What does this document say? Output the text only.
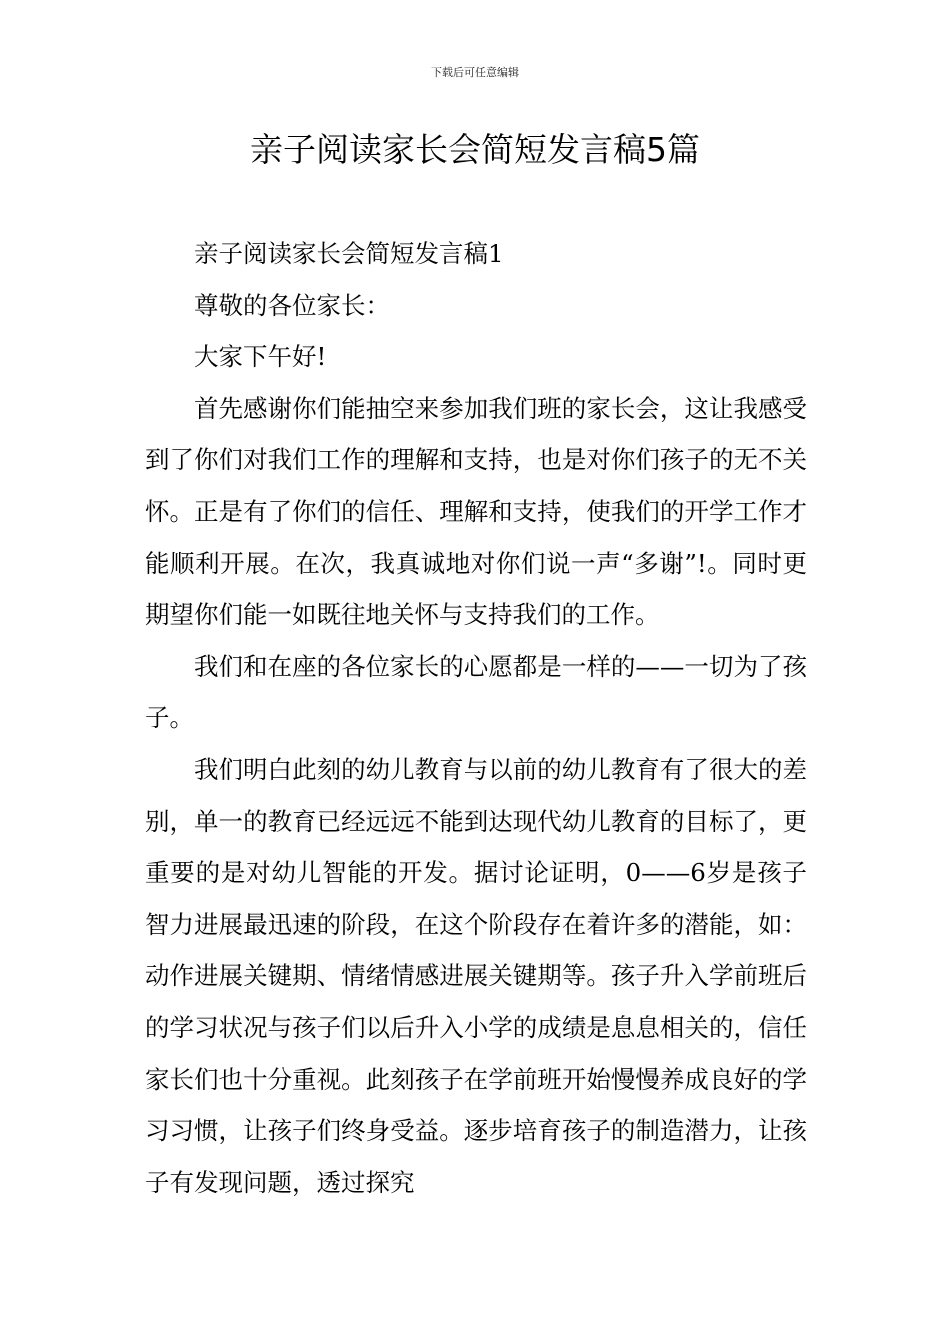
下载后可任意编辑
亲子阅读家长会简短发言稿5篇

亲子阅读家长会简短发言稿1

尊敬的各位家长：

大家下午好!

首先感谢你们能抽空来参加我们班的家长会，这让我感受到了你们对我们工作的理解和支持，也是对你们孩子的无不关怀。正是有了你们的信任、理解和支持，使我们的开学工作才能顺利开展。在次，我真诚地对你们说一声“多谢”!。同时更期望你们能一如既往地关怀与支持我们的工作。

我们和在座的各位家长的心愿都是一样的——一切为了孩子。

我们明白此刻的幼儿教育与以前的幼儿教育有了很大的差别，单一的教育已经远远不能到达现代幼儿教育的目标了，更重要的是对幼儿智能的开发。据讨论证明，0——6岁是孩子智力进展最迅速的阶段，在这个阶段存在着许多的潜能，如：动作进展关键期、情绪情感进展关键期等。孩子升入学前班后的学习状况与孩子们以后升入小学的成绩是息息相关的，信任家长们也十分重视。此刻孩子在学前班开始慢慢养成良好的学习习惯，让孩子们终身受益。逐步培育孩子的制造潜力，让孩子有发现问题，透过探究
